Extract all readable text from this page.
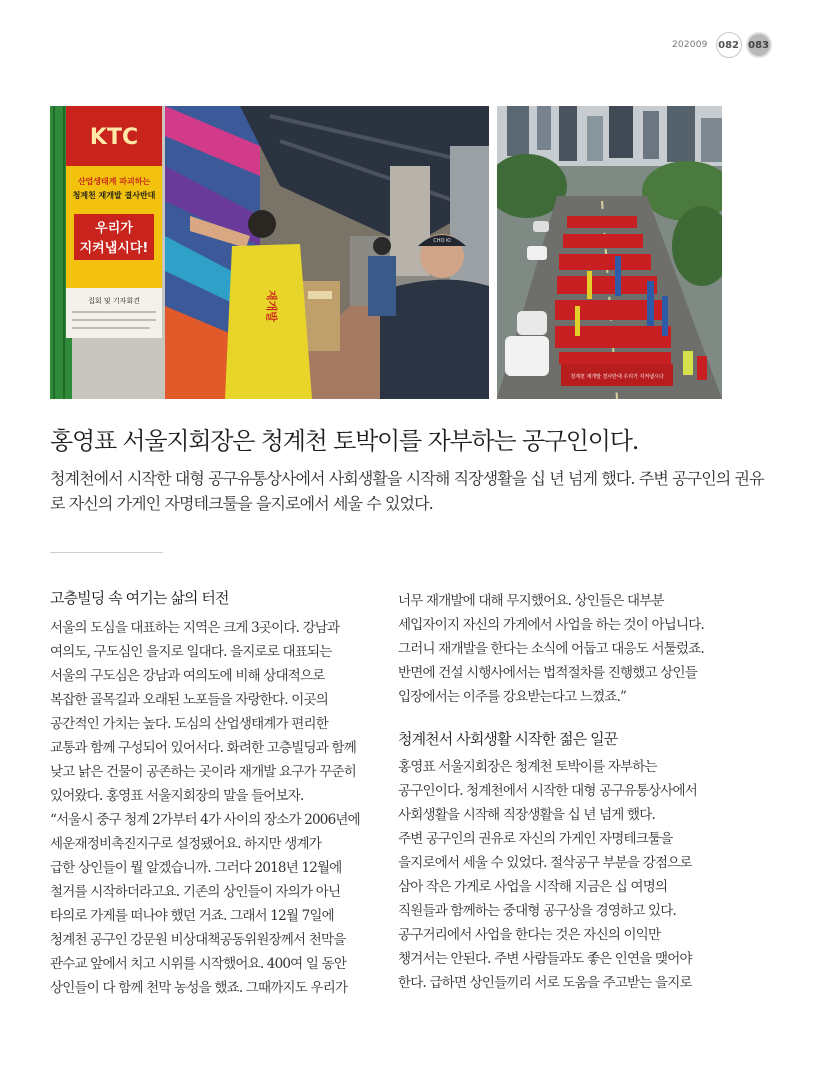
202009 082 083
KTC
산업생태계 파괴하는
청계천 재개발 결사반대
우리가
지켜냅시다!
집회 및 기자회견	재개발
CHO KI
청계천 재개발 결사반대 우리가 지켜냅시다
홍영표 서울지회장은 청계천 토박이를 자부하는 공구인이다.
청계천에서 시작한 대형 공구유통상사에서 사회생활을 시작해 직장생활을 십 년 넘게 했다. 주변 공구인의 권유로 자신의 가게인 자명테크툴을 을지로에서 세울 수 있었다.
고층빌딩 속 여기는 삶의 터전
서울의 도심을 대표하는 지역은 크게 3곳이다. 강남과
여의도, 구도심인 을지로 일대다. 을지로로 대표되는
서울의 구도심은 강남과 여의도에 비해 상대적으로
복잡한 골목길과 오래된 노포들을 자랑한다. 이곳의
공간적인 가치는 높다. 도심의 산업생태계가 편리한
교통과 함께 구성되어 있어서다. 화려한 고층빌딩과 함께
낮고 낡은 건물이 공존하는 곳이라 재개발 요구가 꾸준히
있어왔다. 홍영표 서울지회장의 말을 들어보자.
“서울시 중구 청계 2가부터 4가 사이의 장소가 2006년에
세운재정비촉진지구로 설정됐어요. 하지만 생계가
급한 상인들이 뭘 알겠습니까. 그러다 2018년 12월에
철거를 시작하더라고요. 기존의 상인들이 자의가 아닌
타의로 가게를 떠나야 했던 거죠. 그래서 12월 7일에
청계천 공구인 강문원 비상대책공동위원장께서 천막을
관수교 앞에서 치고 시위를 시작했어요. 400여 일 동안
상인들이 다 함께 천막 농성을 했죠. 그때까지도 우리가
너무 재개발에 대해 무지했어요. 상인들은 대부분
세입자이지 자신의 가게에서 사업을 하는 것이 아닙니다.
그러니 재개발을 한다는 소식에 어둡고 대응도 서툴렀죠.
반면에 건설 시행사에서는 법적절차를 진행했고 상인들
입장에서는 이주를 강요받는다고 느꼈죠.”
청계천서 사회생활 시작한 젊은 일꾼
홍영표 서울지회장은 청계천 토박이를 자부하는
공구인이다. 청계천에서 시작한 대형 공구유통상사에서
사회생활을 시작해 직장생활을 십 년 넘게 했다.
주변 공구인의 권유로 자신의 가게인 자명테크툴을
을지로에서 세울 수 있었다. 절삭공구 부분을 강점으로
삼아 작은 가게로 사업을 시작해 지금은 십 여명의
직원들과 함께하는 중대형 공구상을 경영하고 있다.
공구거리에서 사업을 한다는 것은 자신의 이익만
챙겨서는 안된다. 주변 사람들과도 좋은 인연을 맺어야
한다. 급하면 상인들끼리 서로 도움을 주고받는 을지로
